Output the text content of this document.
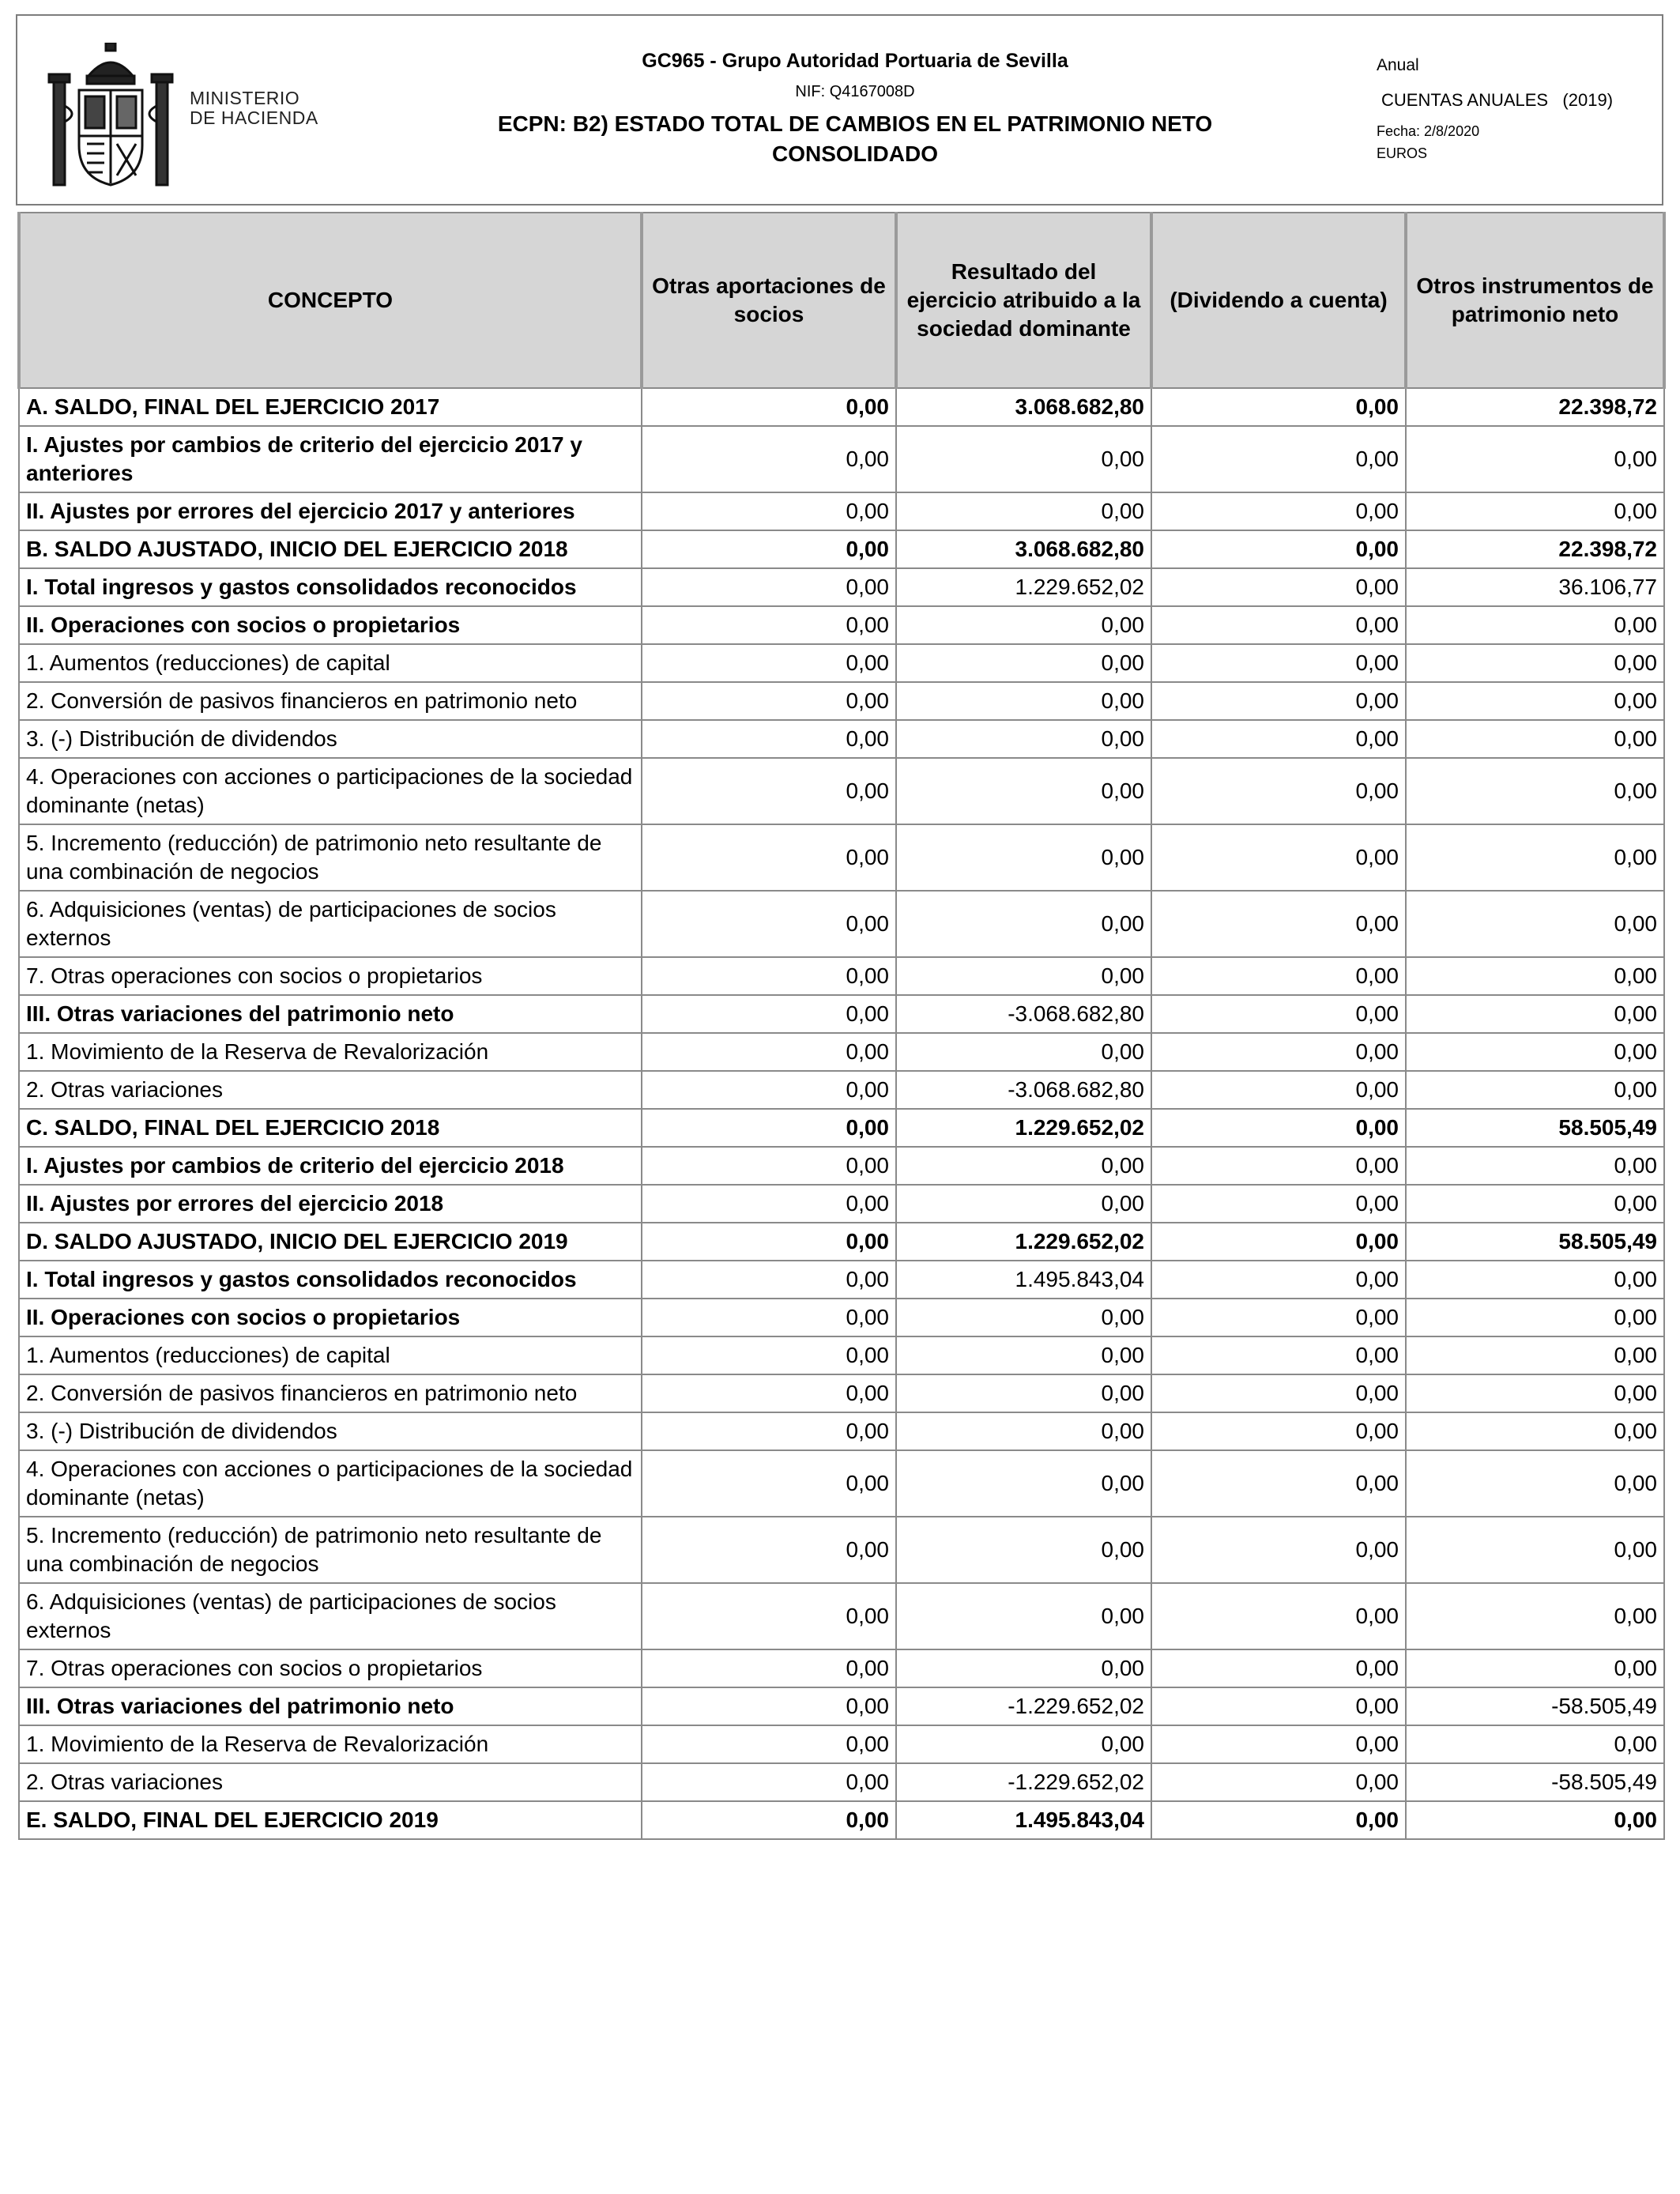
MINISTERIO
DE HACIENDA
GC965 - Grupo Autoridad Portuaria de Sevilla
NIF: Q4167008D
ECPN: B2) ESTADO TOTAL DE CAMBIOS EN EL PATRIMONIO NETO
CONSOLIDADO
Anual
CUENTAS ANUALES   (2019)
Fecha: 2/8/2020
EUROS
CONCEPTO	Otras aportaciones de socios	Resultado del ejercicio atribuido a la sociedad dominante	(Dividendo a cuenta)	Otros instrumentos de patrimonio neto
A. SALDO, FINAL DEL EJERCICIO 2017	0,00	3.068.682,80	0,00	22.398,72
I. Ajustes por cambios de criterio del ejercicio 2017 y anteriores	0,00	0,00	0,00	0,00
II. Ajustes por errores del ejercicio 2017 y anteriores	0,00	0,00	0,00	0,00
B. SALDO AJUSTADO, INICIO DEL EJERCICIO 2018	0,00	3.068.682,80	0,00	22.398,72
I. Total ingresos y gastos consolidados reconocidos	0,00	1.229.652,02	0,00	36.106,77
II. Operaciones con socios o propietarios	0,00	0,00	0,00	0,00
1. Aumentos (reducciones) de capital	0,00	0,00	0,00	0,00
2. Conversión de pasivos financieros en patrimonio neto	0,00	0,00	0,00	0,00
3. (-) Distribución de dividendos	0,00	0,00	0,00	0,00
4. Operaciones con acciones o participaciones de la sociedad dominante (netas)	0,00	0,00	0,00	0,00
5. Incremento (reducción) de patrimonio neto resultante de una combinación de negocios	0,00	0,00	0,00	0,00
6. Adquisiciones (ventas) de participaciones de socios externos	0,00	0,00	0,00	0,00
7. Otras operaciones con socios o propietarios	0,00	0,00	0,00	0,00
III. Otras variaciones del patrimonio neto	0,00	-3.068.682,80	0,00	0,00
1. Movimiento de la Reserva de Revalorización	0,00	0,00	0,00	0,00
2. Otras variaciones	0,00	-3.068.682,80	0,00	0,00
C. SALDO, FINAL DEL EJERCICIO 2018	0,00	1.229.652,02	0,00	58.505,49
I. Ajustes por cambios de criterio del ejercicio 2018	0,00	0,00	0,00	0,00
II. Ajustes por errores del ejercicio 2018	0,00	0,00	0,00	0,00
D. SALDO AJUSTADO, INICIO DEL EJERCICIO 2019	0,00	1.229.652,02	0,00	58.505,49
I. Total ingresos y gastos consolidados reconocidos	0,00	1.495.843,04	0,00	0,00
II. Operaciones con socios o propietarios	0,00	0,00	0,00	0,00
1. Aumentos (reducciones) de capital	0,00	0,00	0,00	0,00
2. Conversión de pasivos financieros en patrimonio neto	0,00	0,00	0,00	0,00
3. (-) Distribución de dividendos	0,00	0,00	0,00	0,00
4. Operaciones con acciones o participaciones de la sociedad dominante (netas)	0,00	0,00	0,00	0,00
5. Incremento (reducción) de patrimonio neto resultante de una combinación de negocios	0,00	0,00	0,00	0,00
6. Adquisiciones (ventas) de participaciones de socios externos	0,00	0,00	0,00	0,00
7. Otras operaciones con socios o propietarios	0,00	0,00	0,00	0,00
III. Otras variaciones del patrimonio neto	0,00	-1.229.652,02	0,00	-58.505,49
1. Movimiento de la Reserva de Revalorización	0,00	0,00	0,00	0,00
2. Otras variaciones	0,00	-1.229.652,02	0,00	-58.505,49
E. SALDO, FINAL DEL EJERCICIO 2019	0,00	1.495.843,04	0,00	0,00
